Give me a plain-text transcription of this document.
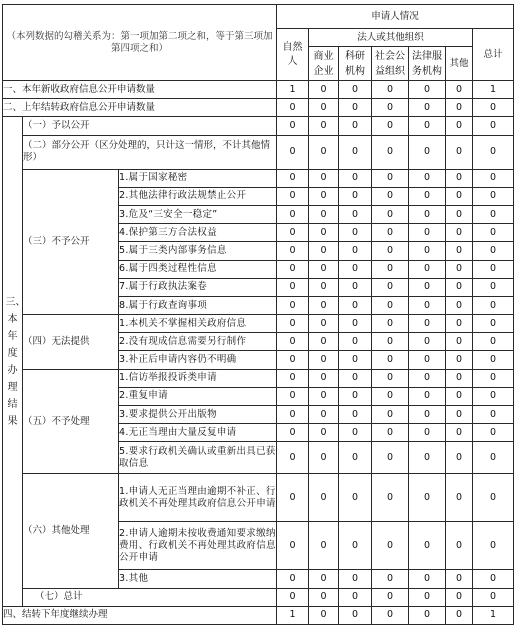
（本列数据的勾稽关系为：第一项加第二项之和，等于第三项加第四项之和）			申请人情况						

			自然人	法人或其他组织					总计

				商业企业	科研机构	社会公益组织	法律服务机构	其他	
一、本年新收政府信息公开申请数量			1	0	0	0	0	0	1
二、上年结转政府信息公开申请数量			0	0	0	0	0	0	0

三、本年度办理结果	（一）予以公开		0	0	0	0	0	0	0
	（二）部分公开（区分处理的，只计这一情形，不计其他情形）		0	0	0	0	0	0	0
	（三）不予公开	1.属于国家秘密	0	0	0	0	0	0	0
		2.其他法律行政法规禁止公开	0	0	0	0	0	0	0
		3.危及“三安全一稳定”	0	0	0	0	0	0	0
		4.保护第三方合法权益	0	0	0	0	0	0	0
		5.属于三类内部事务信息	0	0	0	0	0	0	0
		6.属于四类过程性信息	0	0	0	0	0	0	0
		7.属于行政执法案卷	0	0	0	0	0	0	0
		8.属于行政查询事项	0	0	0	0	0	0	0
	（四）无法提供	1.本机关不掌握相关政府信息	0	0	0	0	0	0	0
		2.没有现成信息需要另行制作	0	0	0	0	0	0	0
		3.补正后申请内容仍不明确	0	0	0	0	0	0	0
	（五）不予处理	1.信访举报投诉类申请	0	0	0	0	0	0	0
		2.重复申请	0	0	0	0	0	0	0
		3.要求提供公开出版物	0	0	0	0	0	0	0
		4.无正当理由大量反复申请	0	0	0	0	0	0	0
		5.要求行政机关确认或重新出具已获取信息	0	0	0	0	0	0	0
	（六）其他处理	1.申请人无正当理由逾期不补正、行政机关不再处理其政府信息公开申请	0	0	0	0	0	0	0
		2.申请人逾期未按收费通知要求缴纳费用、行政机关不再处理其政府信息公开申请	0	0	0	0	0	0	0
		3.其他	0	0	0	0	0	0	0
	（七）总计		0	0	0	0	0	0	0
四、结转下年度继续办理			1	0	0	0	0	0	1
